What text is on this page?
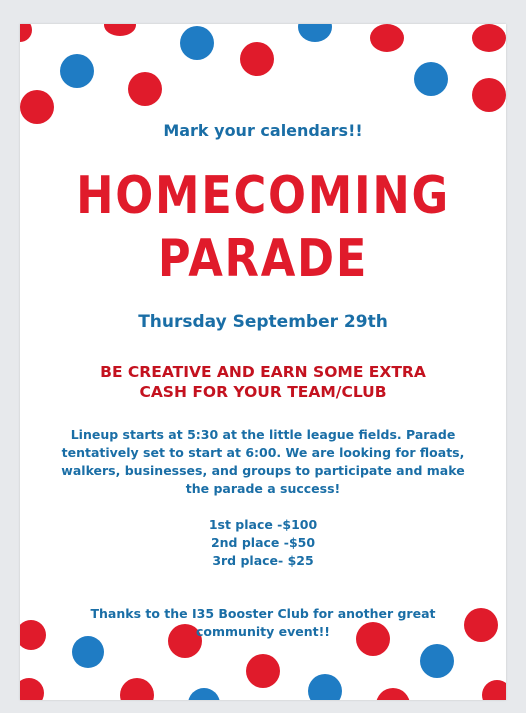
Mark your calendars!!
HOMECOMING
PARADE
Thursday September 29th
BE CREATIVE AND EARN SOME EXTRA
CASH FOR YOUR TEAM/CLUB
Lineup starts at 5:30 at the little league fields. Parade tentatively set to start at 6:00. We are looking for floats, walkers, businesses, and groups to participate and make the parade a success!
1st place -$100
2nd place -$50
3rd place- $25
Thanks to the I35 Booster Club for another great community event!!
